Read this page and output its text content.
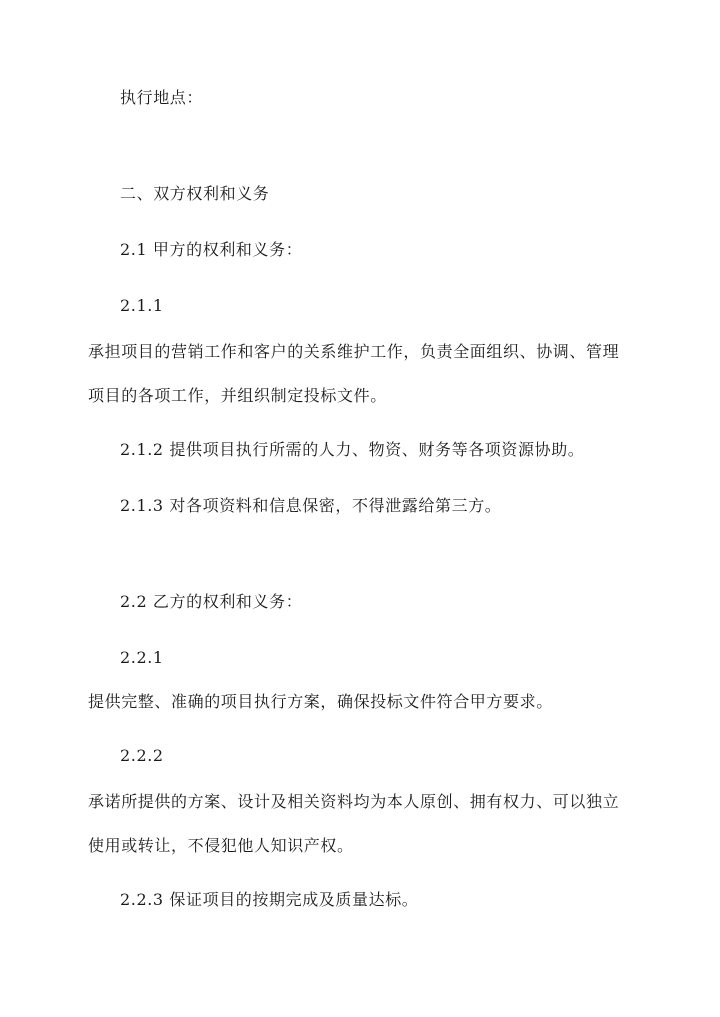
执行地点：
二、双方权利和义务
2.1 甲方的权利和义务：
2.1.1
承担项目的营销工作和客户的关系维护工作，负责全面组织、协调、管理
项目的各项工作，并组织制定投标文件。
2.1.2 提供项目执行所需的人力、物资、财务等各项资源协助。
2.1.3 对各项资料和信息保密，不得泄露给第三方。
2.2 乙方的权利和义务：
2.2.1
提供完整、准确的项目执行方案，确保投标文件符合甲方要求。
2.2.2
承诺所提供的方案、设计及相关资料均为本人原创、拥有权力、可以独立
使用或转让，不侵犯他人知识产权。
2.2.3 保证项目的按期完成及质量达标。
